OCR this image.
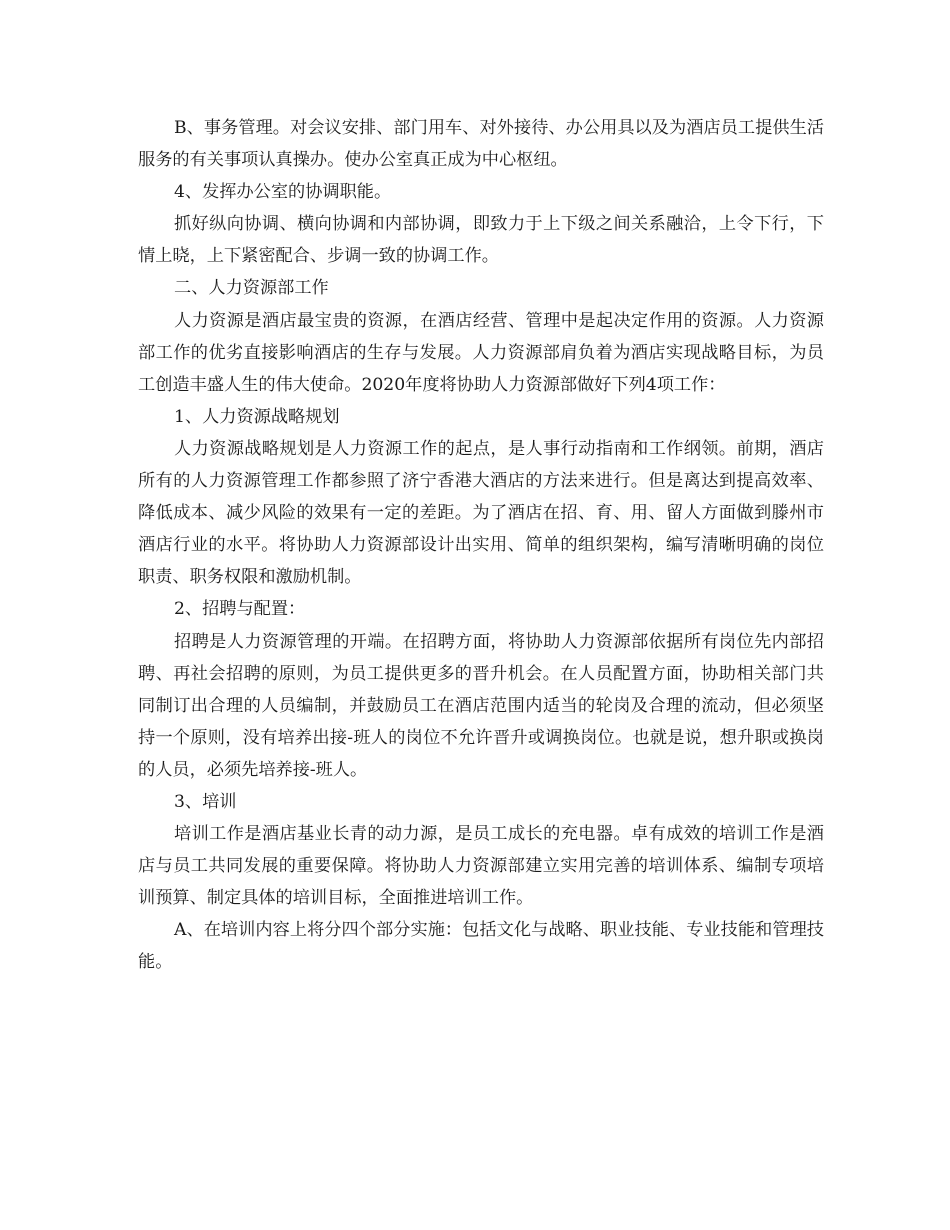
B、事务管理。对会议安排、部门用车、对外接待、办公用具以及为酒店员工提供生活服务的有关事项认真操办。使办公室真正成为中心枢纽。

4、发挥办公室的协调职能。

抓好纵向协调、横向协调和内部协调，即致力于上下级之间关系融洽，上令下行，下情上晓，上下紧密配合、步调一致的协调工作。

二、人力资源部工作

人力资源是酒店最宝贵的资源，在酒店经营、管理中是起决定作用的资源。人力资源部工作的优劣直接影响酒店的生存与发展。人力资源部肩负着为酒店实现战略目标，为员工创造丰盛人生的伟大使命。2020年度将协助人力资源部做好下列4项工作：

1、人力资源战略规划

人力资源战略规划是人力资源工作的起点，是人事行动指南和工作纲领。前期，酒店所有的人力资源管理工作都参照了济宁香港大酒店的方法来进行。但是离达到提高效率、降低成本、减少风险的效果有一定的差距。为了酒店在招、育、用、留人方面做到滕州市酒店行业的水平。将协助人力资源部设计出实用、简单的组织架构，编写清晰明确的岗位职责、职务权限和激励机制。

2、招聘与配置：

招聘是人力资源管理的开端。在招聘方面，将协助人力资源部依据所有岗位先内部招聘、再社会招聘的原则，为员工提供更多的晋升机会。在人员配置方面，协助相关部门共同制订出合理的人员编制，并鼓励员工在酒店范围内适当的轮岗及合理的流动，但必须坚持一个原则，没有培养出接-班人的岗位不允许晋升或调换岗位。也就是说，想升职或换岗的人员，必须先培养接-班人。

3、培训

培训工作是酒店基业长青的动力源，是员工成长的充电器。卓有成效的培训工作是酒店与员工共同发展的重要保障。将协助人力资源部建立实用完善的培训体系、编制专项培训预算、制定具体的培训目标，全面推进培训工作。

A、在培训内容上将分四个部分实施：包括文化与战略、职业技能、专业技能和管理技能。
